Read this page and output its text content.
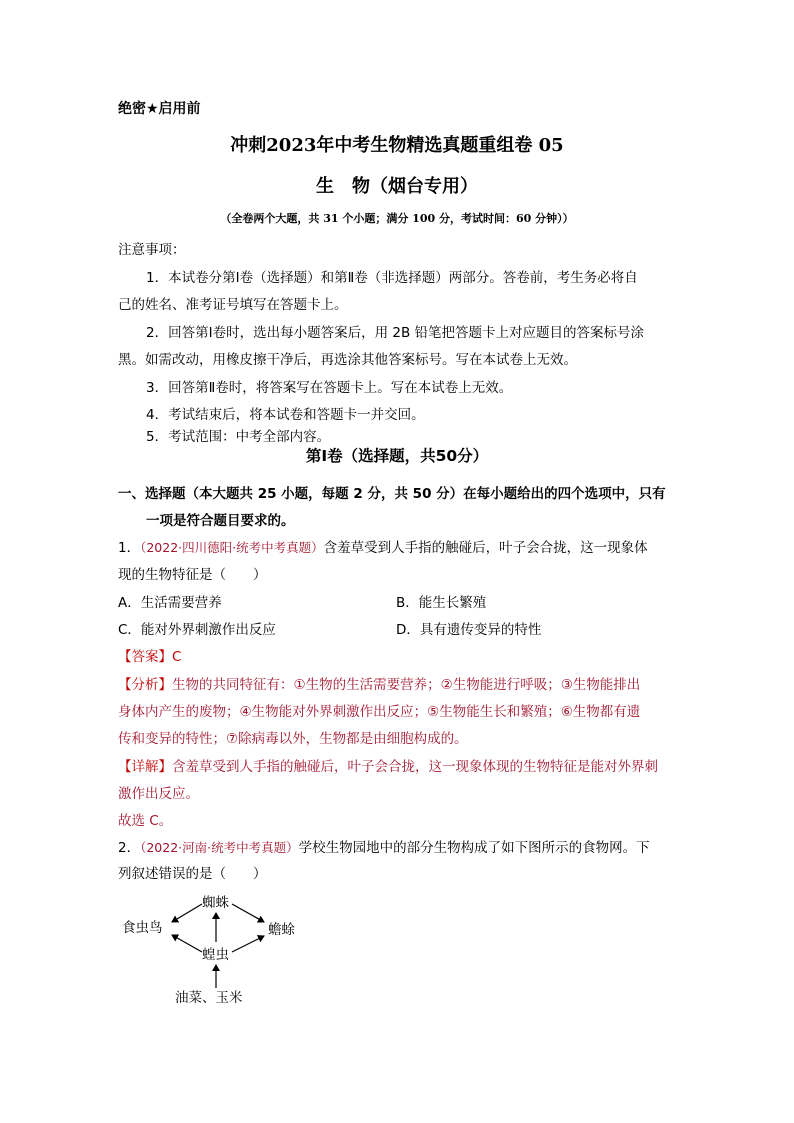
绝密★启用前
冲刺2023年中考生物精选真题重组卷 05
生　物（烟台专用）
（全卷两个大题，共 31 个小题；满分 100 分，考试时间：60 分钟））
注意事项：
1．本试卷分第Ⅰ卷（选择题）和第Ⅱ卷（非选择题）两部分。答卷前，考生务必将自
己的姓名、准考证号填写在答题卡上。
2．回答第Ⅰ卷时，选出每小题答案后，用 2B 铅笔把答题卡上对应题目的答案标号涂
黑。如需改动，用橡皮擦干净后，再选涂其他答案标号。写在本试卷上无效。
3．回答第Ⅱ卷时，将答案写在答题卡上。写在本试卷上无效。
4．考试结束后，将本试卷和答题卡一并交回。
5．考试范围：中考全部内容。
第Ⅰ卷（选择题，共50分）
一、选择题（本大题共 25 小题，每题 2 分，共 50 分）在每小题给出的四个选项中，只有
一项是符合题目要求的。
1．（2022·四川德阳·统考中考真题）含羞草受到人手指的触碰后，叶子会合拢，这一现象体
现的生物特征是（　　）
A．生活需要营养	B．能生长繁殖
C．能对外界刺激作出反应	D．具有遗传变异的特性
【答案】C
【分析】生物的共同特征有：①生物的生活需要营养；②生物能进行呼吸；③生物能排出
身体内产生的废物；④生物能对外界刺激作出反应；⑤生物能生长和繁殖；⑥生物都有遗
传和变异的特性；⑦除病毒以外，生物都是由细胞构成的。
【详解】含羞草受到人手指的触碰后，叶子会合拢，这一现象体现的生物特征是能对外界刺
激作出反应。
故选 C。
2．（2022·河南·统考中考真题）学校生物园地中的部分生物构成了如下图所示的食物网。下
列叙述错误的是（　　）
蜘蛛
食虫鸟	蟾蜍
蝗虫
油菜、玉米
